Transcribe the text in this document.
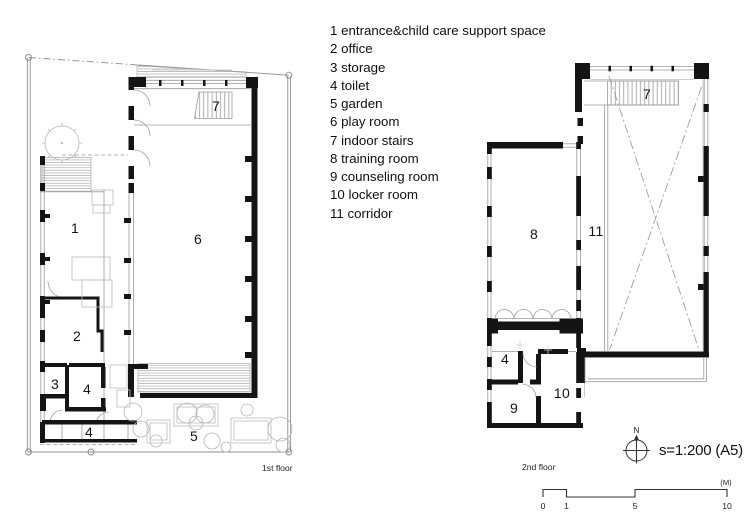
1 entrance&child care support space
2 office
3 storage
4 toilet
5 garden
6 play room
7 indoor stairs
8 training room
9 counseling room
10 locker room
11 corridor
1
2
3 4
4	5
6
7
7
8	11
4
9
10
1st floor	2nd floor
N
s=1:200 (A5)
(M)
0 1	5	10
